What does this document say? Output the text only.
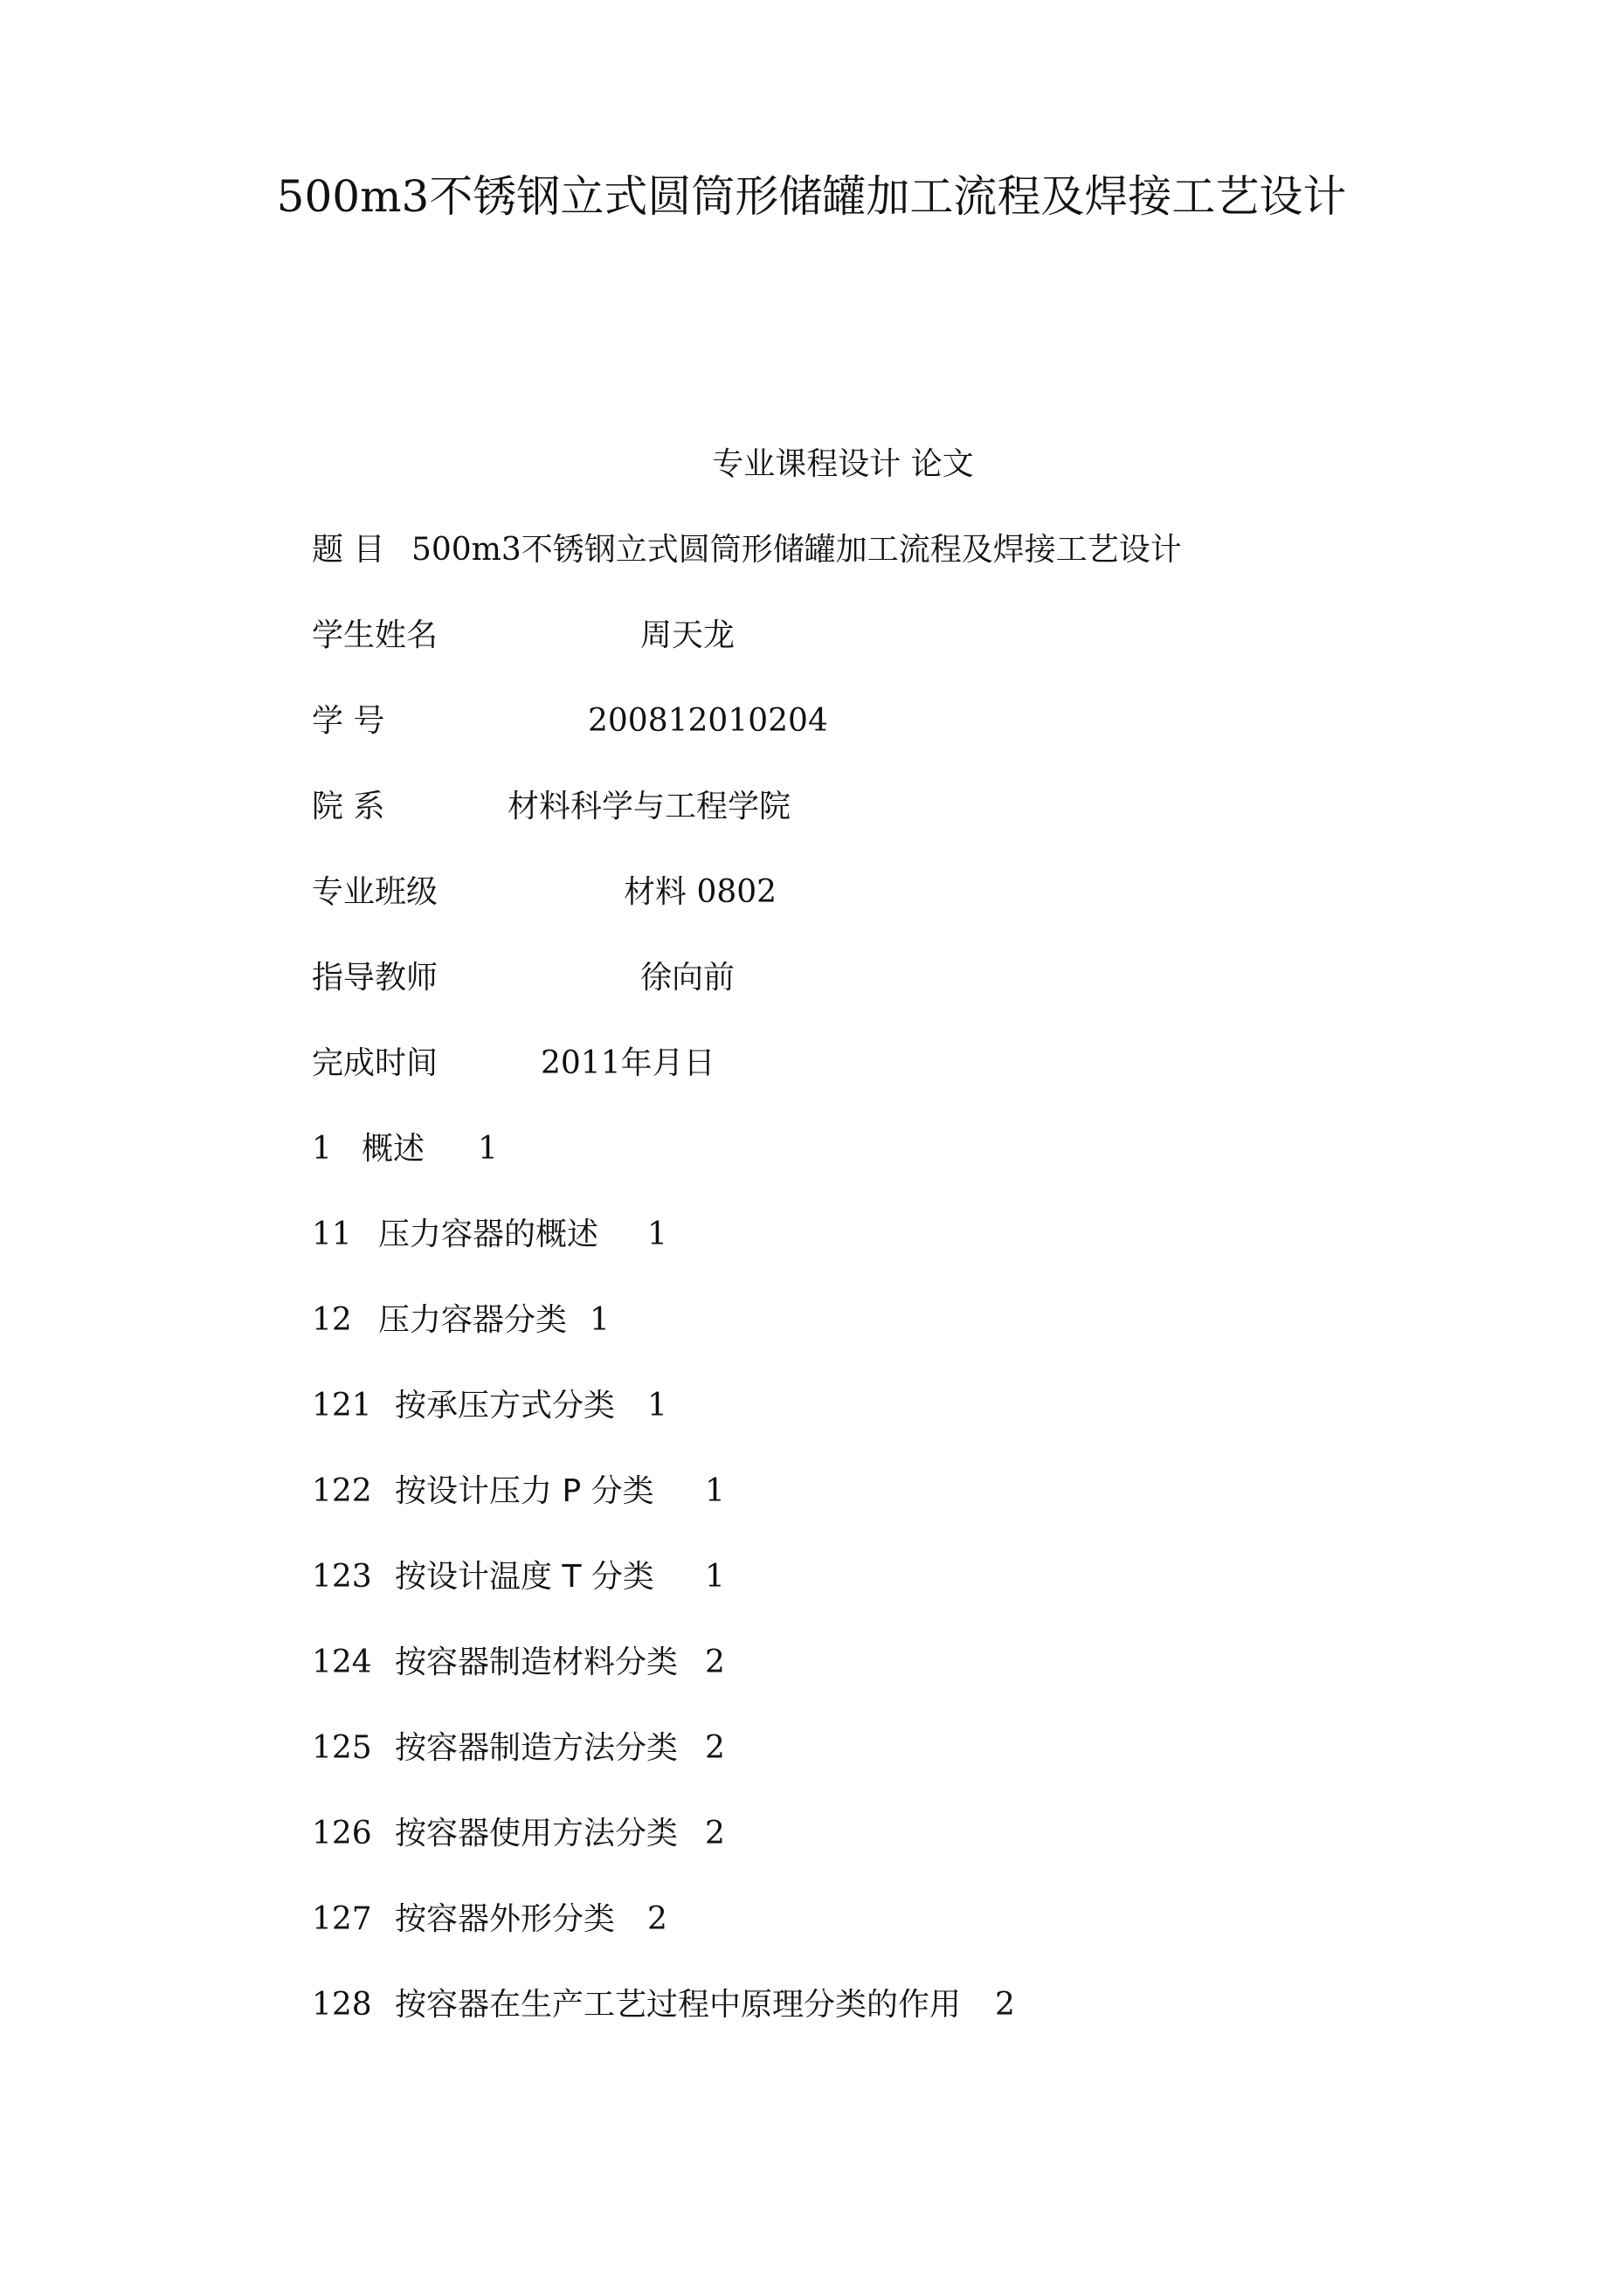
500m3不锈钢立式圆筒形储罐加工流程及焊接工艺设计
专业课程设计 论文
题 目 500m3不锈钢立式圆筒形储罐加工流程及焊接工艺设计
学生姓名	周天龙
学 号	200812010204
院 系	材料科学与工程学院
专业班级	材料 0802
指导教师	徐向前
完成时间	2011年月日
1 概述 1
11 压力容器的概述 1
12 压力容器分类 1
121 按承压方式分类 1
122 按设计压力 P 分类 1
123 按设计温度 T 分类 1
124 按容器制造材料分类 2
125 按容器制造方法分类 2
126 按容器使用方法分类 2
127 按容器外形分类 2
128 按容器在生产工艺过程中原理分类的作用 2
